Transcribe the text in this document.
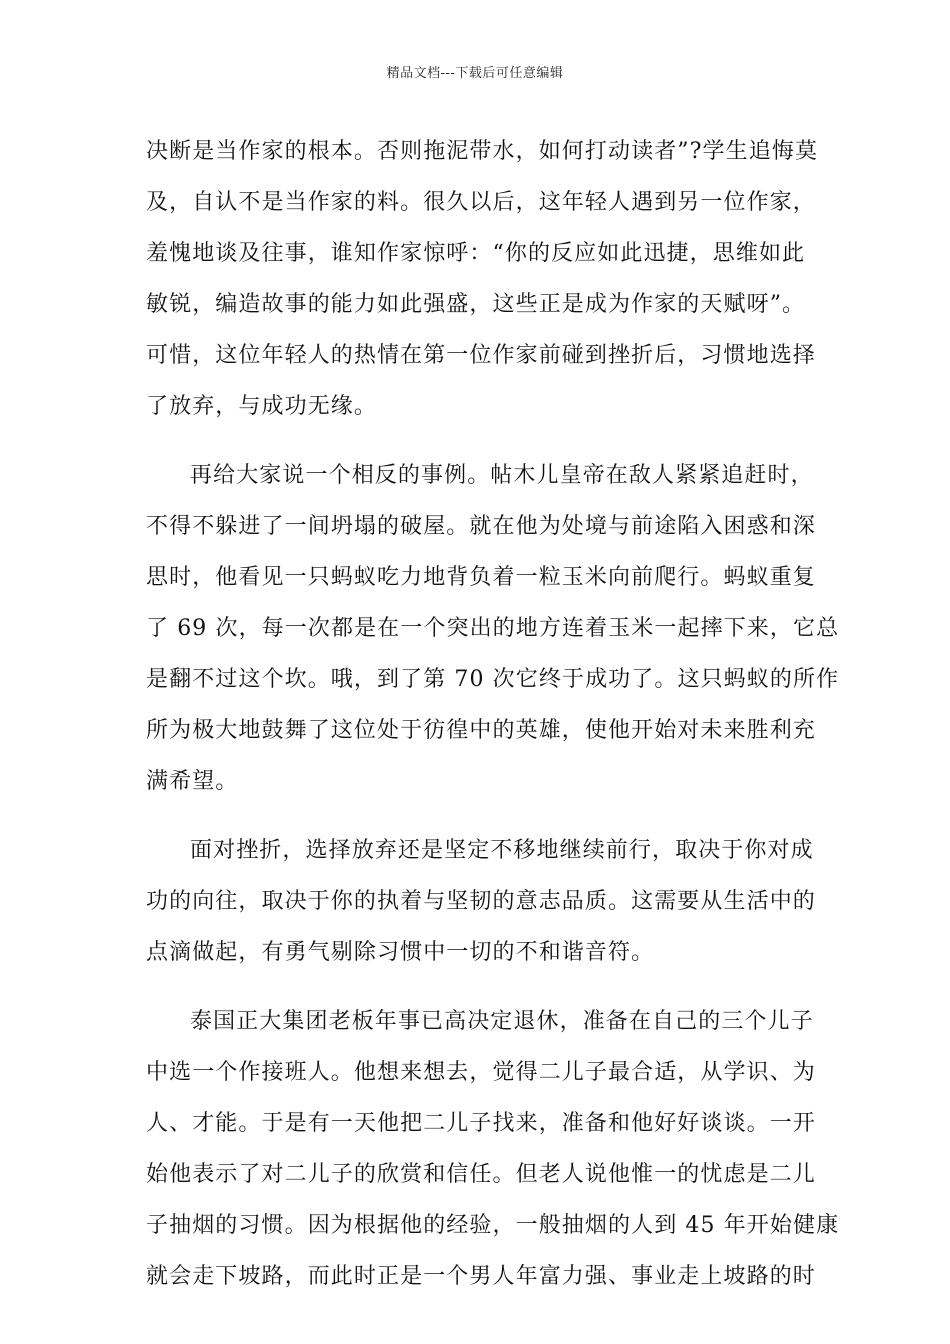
精品文档---下载后可任意编辑
决断是当作家的根本。否则拖泥带水，如何打动读者”?学生追悔莫
及，自认不是当作家的料。很久以后，这年轻人遇到另一位作家，
羞愧地谈及往事，谁知作家惊呼：“你的反应如此迅捷，思维如此
敏锐，编造故事的能力如此强盛，这些正是成为作家的天赋呀”。
可惜，这位年轻人的热情在第一位作家前碰到挫折后，习惯地选择
了放弃，与成功无缘。
再给大家说一个相反的事例。帖木儿皇帝在敌人紧紧追赶时，
不得不躲进了一间坍塌的破屋。就在他为处境与前途陷入困惑和深
思时，他看见一只蚂蚁吃力地背负着一粒玉米向前爬行。蚂蚁重复
了 69 次，每一次都是在一个突出的地方连着玉米一起摔下来，它总
是翻不过这个坎。哦，到了第 70 次它终于成功了。这只蚂蚁的所作
所为极大地鼓舞了这位处于彷徨中的英雄，使他开始对未来胜利充
满希望。
面对挫折，选择放弃还是坚定不移地继续前行，取决于你对成
功的向往，取决于你的执着与坚韧的意志品质。这需要从生活中的
点滴做起，有勇气剔除习惯中一切的不和谐音符。
泰国正大集团老板年事已高决定退休，准备在自己的三个儿子
中选一个作接班人。他想来想去，觉得二儿子最合适，从学识、为
人、才能。于是有一天他把二儿子找来，准备和他好好谈谈。一开
始他表示了对二儿子的欣赏和信任。但老人说他惟一的忧虑是二儿
子抽烟的习惯。因为根据他的经验，一般抽烟的人到 45 年开始健康
就会走下坡路，而此时正是一个男人年富力强、事业走上坡路的时
